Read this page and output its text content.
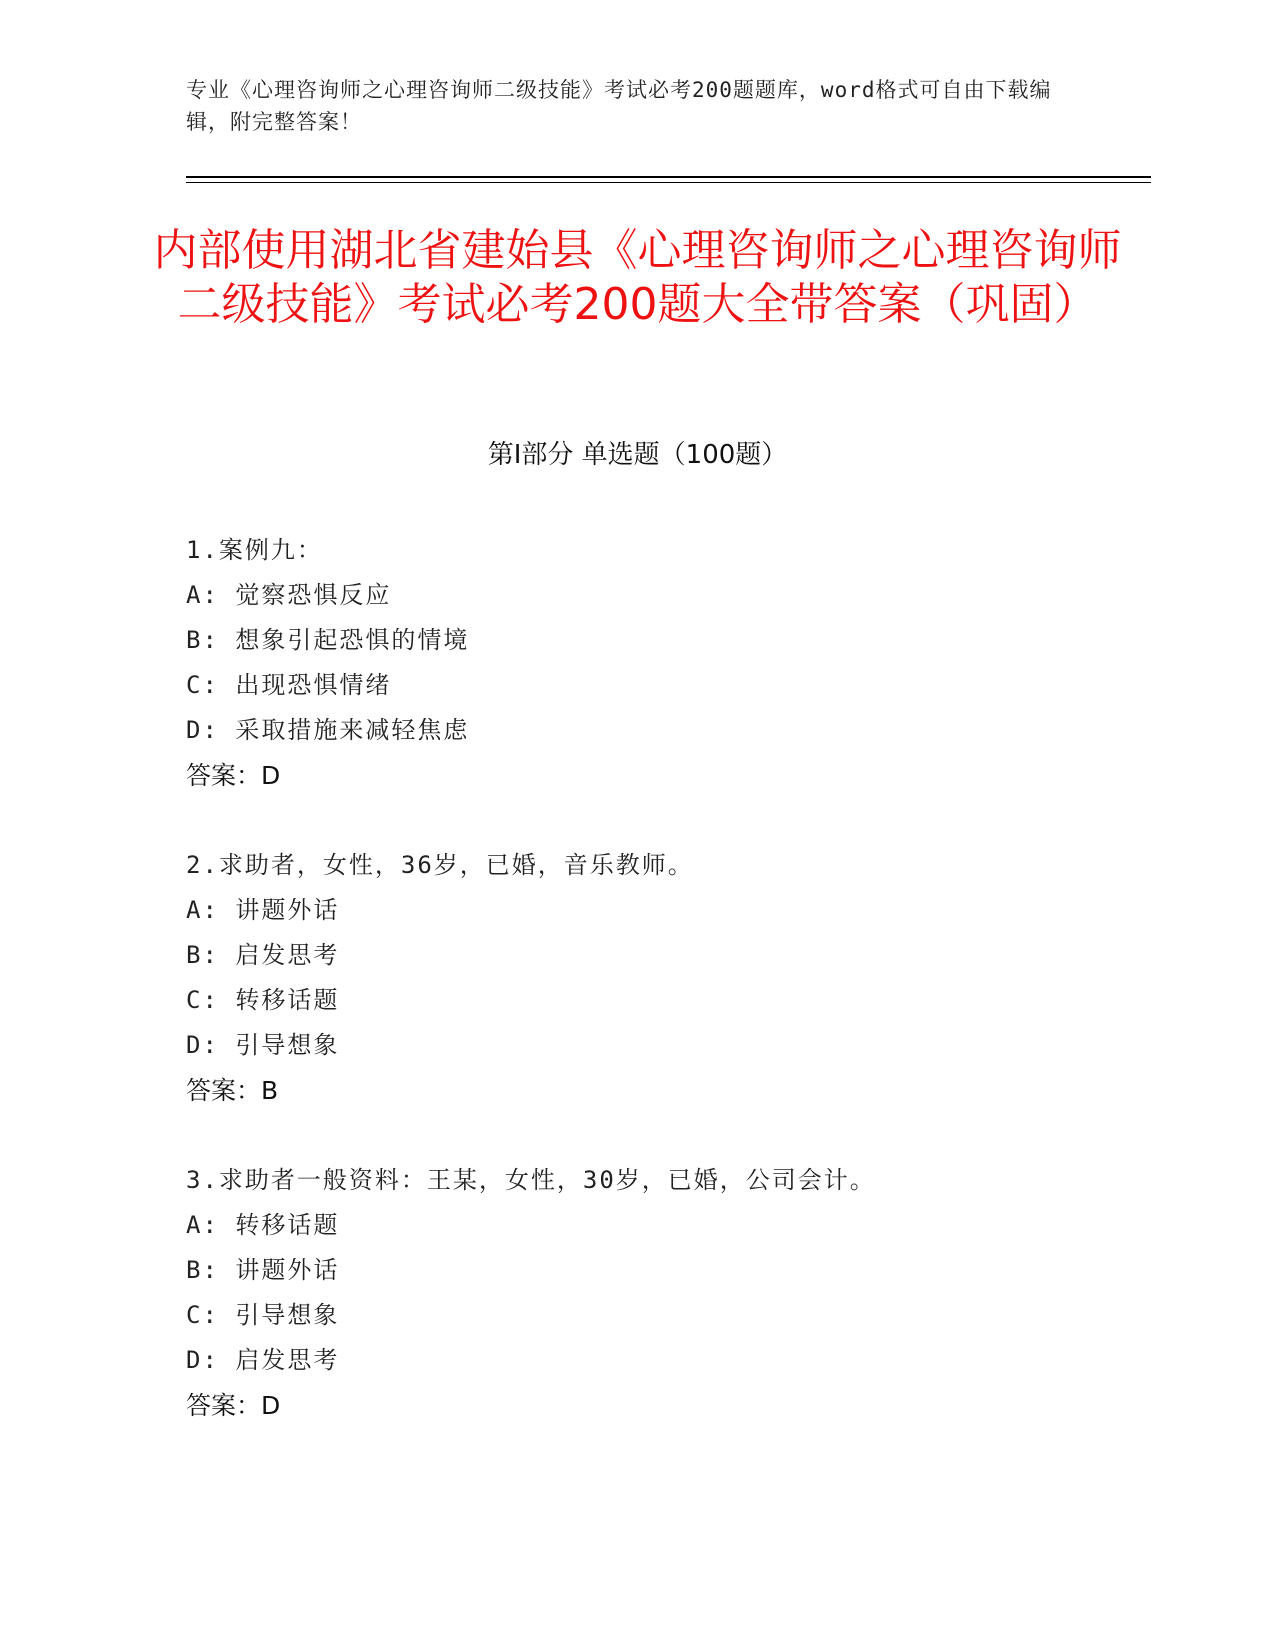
专业《心理咨询师之心理咨询师二级技能》考试必考200题题库，word格式可自由下载编辑，附完整答案！
内部使用湖北省建始县《心理咨询师之心理咨询师二级技能》考试必考200题大全带答案（巩固）
第Ⅰ部分 单选题（100题）
1.案例九：
A: 觉察恐惧反应
B: 想象引起恐惧的情境
C: 出现恐惧情绪
D: 采取措施来减轻焦虑
答案：D
2.求助者，女性，36岁，已婚，音乐教师。
A: 讲题外话
B: 启发思考
C: 转移话题
D: 引导想象
答案：B
3.求助者一般资料：王某，女性，30岁，已婚，公司会计。
A: 转移话题
B: 讲题外话
C: 引导想象
D: 启发思考
答案：D
